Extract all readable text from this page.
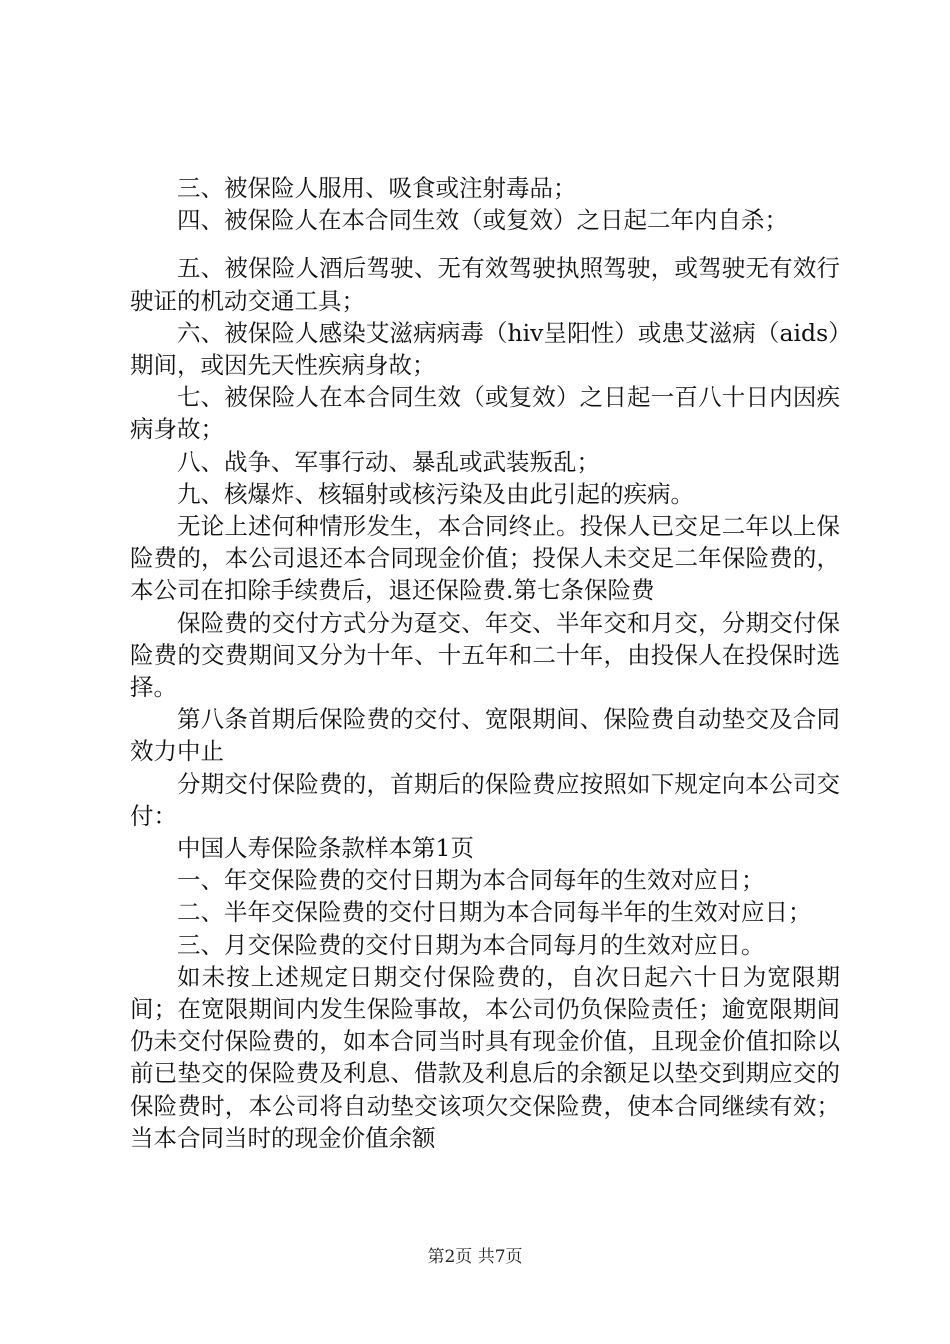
三、被保险人服用、吸食或注射毒品；

四、被保险人在本合同生效（或复效）之日起二年内自杀；

五、被保险人酒后驾驶、无有效驾驶执照驾驶，或驾驶无有效行驶证的机动交通工具；

六、被保险人感染艾滋病病毒（hiv呈阳性）或患艾滋病（aids）期间，或因先天性疾病身故；

七、被保险人在本合同生效（或复效）之日起一百八十日内因疾病身故；

八、战争、军事行动、暴乱或武装叛乱；

九、核爆炸、核辐射或核污染及由此引起的疾病。

无论上述何种情形发生，本合同终止。投保人已交足二年以上保险费的，本公司退还本合同现金价值；投保人未交足二年保险费的，本公司在扣除手续费后，退还保险费.第七条保险费

保险费的交付方式分为趸交、年交、半年交和月交，分期交付保险费的交费期间又分为十年、十五年和二十年，由投保人在投保时选择。

第八条首期后保险费的交付、宽限期间、保险费自动垫交及合同效力中止

分期交付保险费的，首期后的保险费应按照如下规定向本公司交付：

中国人寿保险条款样本第1页

一、年交保险费的交付日期为本合同每年的生效对应日；

二、半年交保险费的交付日期为本合同每半年的生效对应日；

三、月交保险费的交付日期为本合同每月的生效对应日。

如未按上述规定日期交付保险费的，自次日起六十日为宽限期间；在宽限期间内发生保险事故，本公司仍负保险责任；逾宽限期间仍未交付保险费的，如本合同当时具有现金价值，且现金价值扣除以前已垫交的保险费及利息、借款及利息后的余额足以垫交到期应交的保险费时，本公司将自动垫交该项欠交保险费，使本合同继续有效；当本合同当时的现金价值余额

第2页 共7页
